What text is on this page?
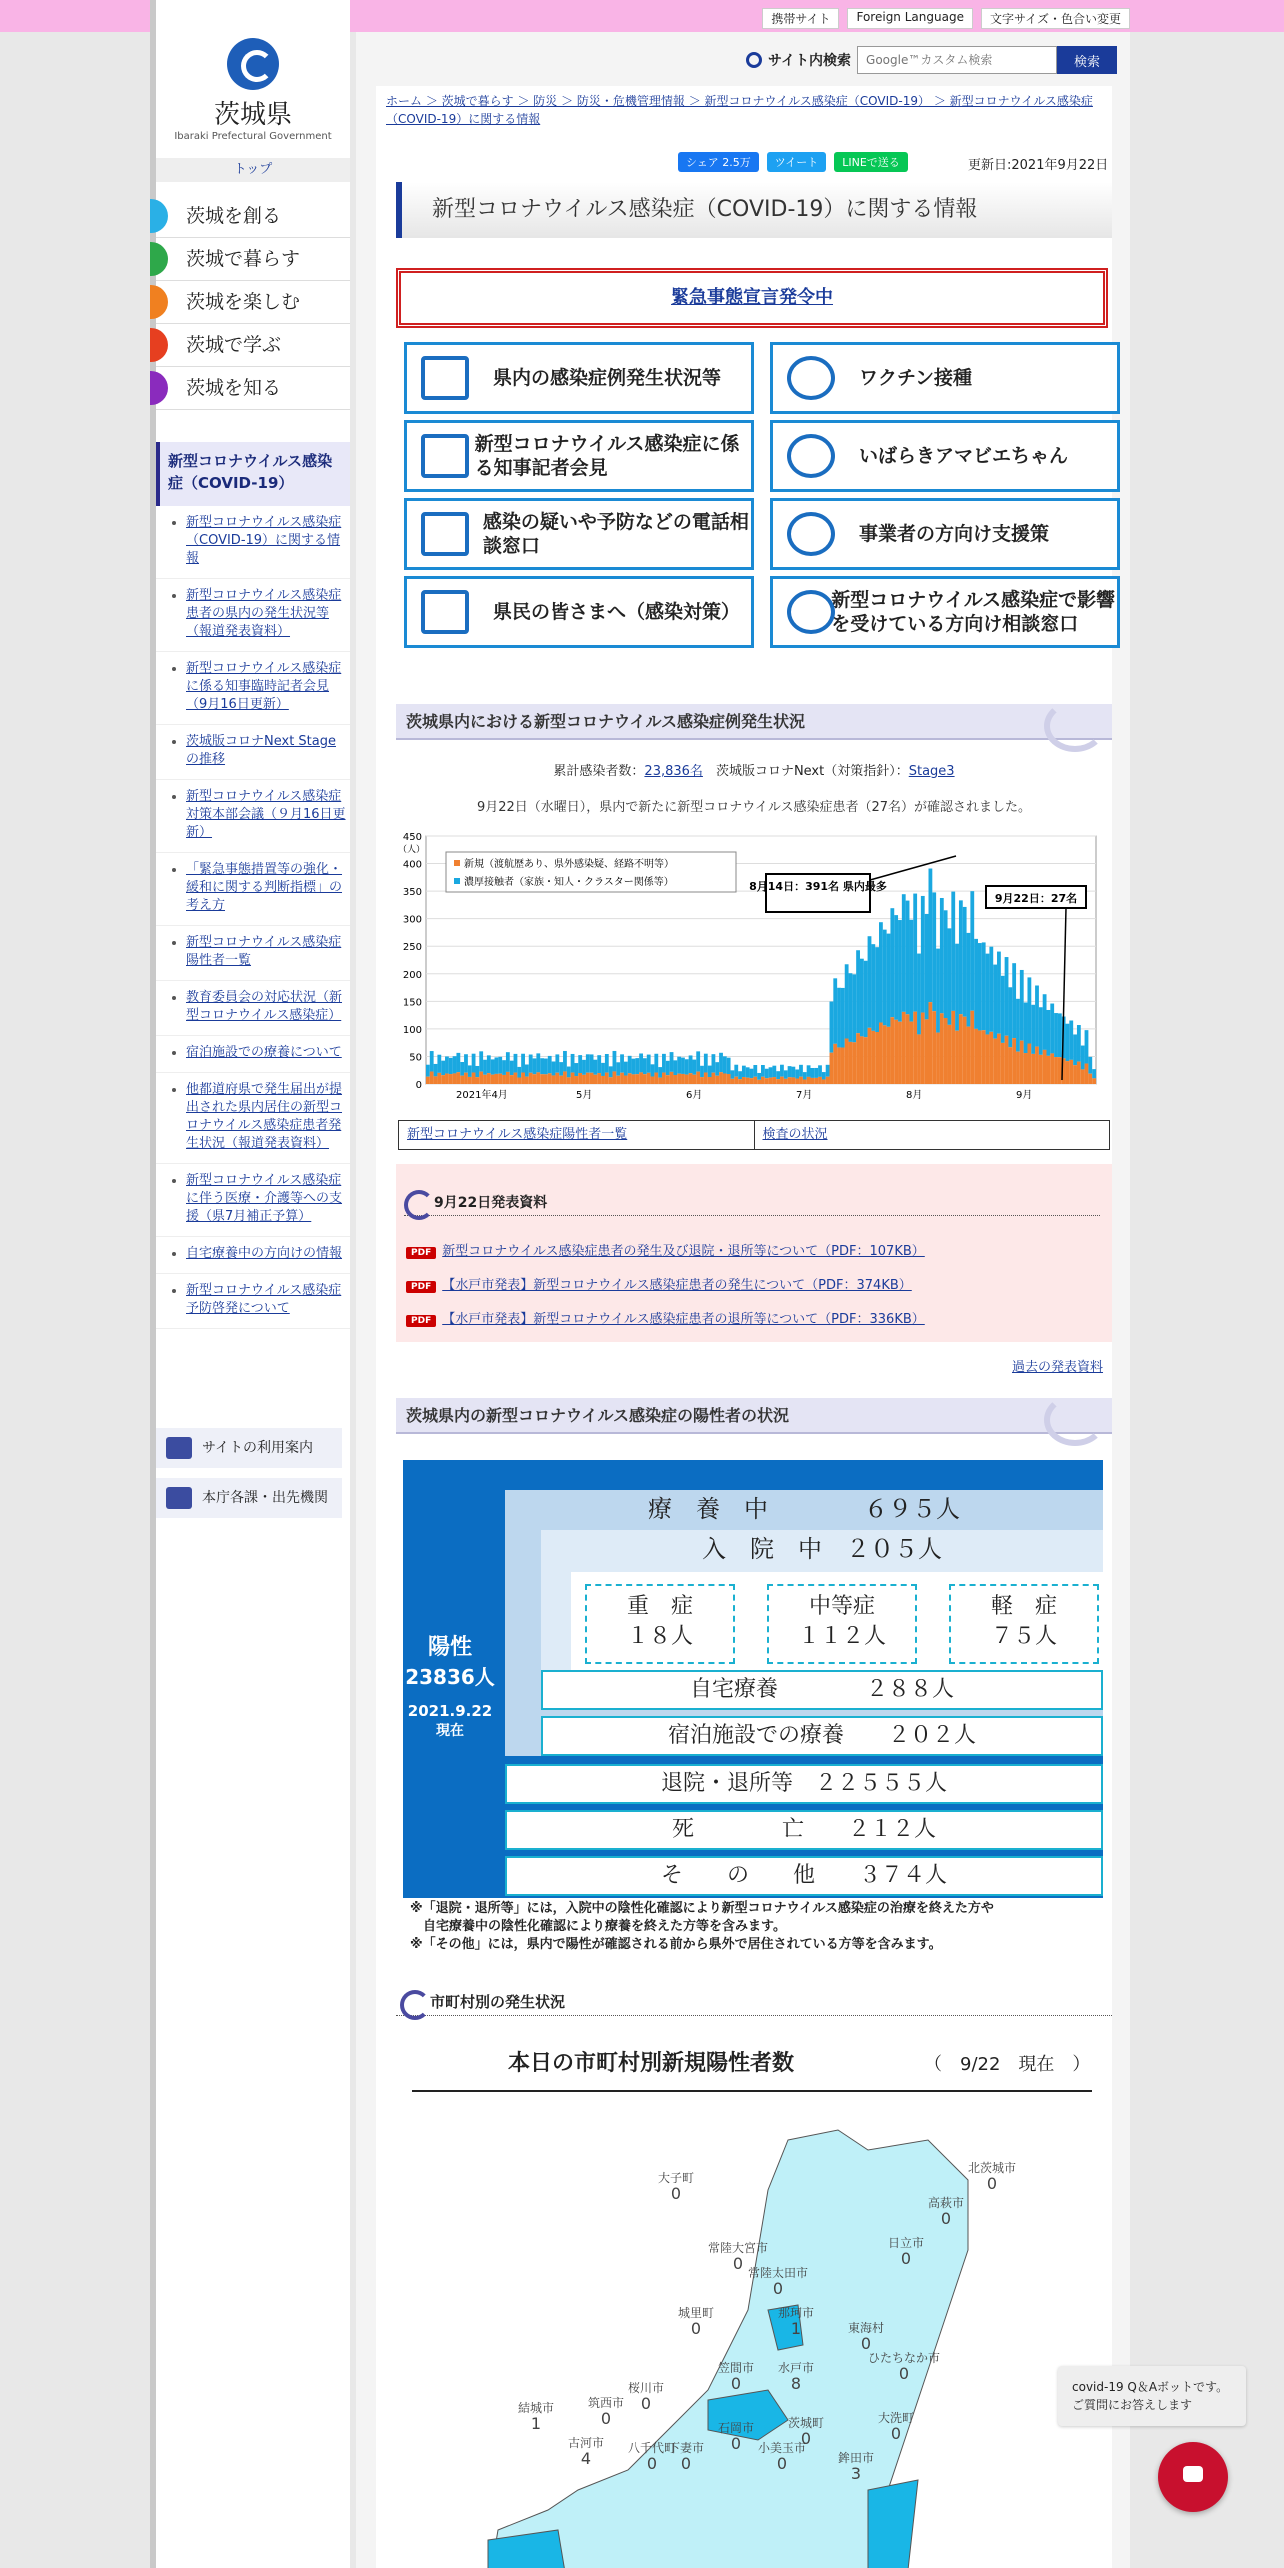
携帯サイト	Foreign Language	文字サイズ・色合い変更
茨城県
Ibaraki Prefectural Government
トップ
茨城を創る
茨城で暮らす
茨城を楽しむ
茨城で学ぶ
茨城を知る
新型コロナウイルス感染症（COVID-19）
新型コロナウイルス感染症（COVID-19）に関する情報
新型コロナウイルス感染症患者の県内の発生状況等（報道発表資料）
新型コロナウイルス感染症に係る知事臨時記者会見（9月16日更新）
茨城版コロナNext Stageの推移
新型コロナウイルス感染症対策本部会議（９月16日更新）
「緊急事態措置等の強化・緩和に関する判断指標」の考え方
新型コロナウイルス感染症陽性者一覧
教育委員会の対応状況（新型コロナウイルス感染症）
宿泊施設での療養について
他都道府県で発生届出が提出された県内居住の新型コロナウイルス感染症患者発生状況（報道発表資料）
新型コロナウイルス感染症に伴う医療・介護等への支援（県7月補正予算）
自宅療養中の方向けの情報
新型コロナウイルス感染症予防啓発について
サイトの利用案内
本庁各課・出先機関
サイト内検索
Google™カスタム検索	検索
ホーム ＞ 茨城で暮らす ＞ 防災 ＞ 防災・危機管理情報 ＞ 新型コロナウイルス感染症（COVID-19） ＞ 新型コロナウイルス感染症（COVID-19）に関する情報
シェア 2.5万	ツイート	LINEで送る	更新日:2021年9月22日
新型コロナウイルス感染症（COVID-19）に関する情報
緊急事態宣言発令中
茨城県内における新型コロナウイルス感染症例発生状況
累計感染者数：23,836名　 茨城版コロナNext（対策指針）：Stage3
9月22日（水曜日），県内で新たに新型コロナウイルス感染症患者（27名）が確認されました。
0
50
100
150
200
250
300
350
400
450
（人）
2021年4月	5月	6月	7月	8月	9月
新規（渡航歴あり、県外感染疑、経路不明等）
濃厚接触者（家族・知人・クラスター関係等）	8月14日：391名 県内最多
9月22日：27名
新型コロナウイルス感染症陽性者一覧	検査の状況
9月22日発表資料
PDF 新型コロナウイルス感染症患者の発生及び退院・退所等について（PDF：107KB）
PDF 【水戸市発表】新型コロナウイルス感染症患者の発生について（PDF：374KB）
PDF 【水戸市発表】新型コロナウイルス感染症患者の退所等について（PDF：336KB）
過去の発表資料
茨城県内の新型コロナウイルス感染症の陽性者の状況
陽性
23836人
2021.9.22
現在
療　養　中　　　　６９５人
入　院　中　２０５人
重　症
１８人
中等症
１１２人
軽　症
７５人
自宅療養　　　　２８８人
宿泊施設での療養　　２０２人
退院・退所等　２２５５５人
死　　　　亡　　２１２人
そ　　の　　他　　３７４人
※「退院・退所等」には，入院中の陰性化確認により新型コロナウイルス感染症の治療を終えた方や
　自宅療養中の陰性化確認により療養を終えた方等を含みます。
※「その他」には，県内で陽性が確認される前から県外で居住されている方等を含みます。
市町村別の発生状況
本日の市町村別新規陽性者数	（　9/22　現在　）
北茨城市
0
大子町
0	高萩市
0
常陸大宮市
0
日立市
0
常陸太田市
0
城里町
0
那珂市
1	東海村
0
ひたちなか市
0
笠間市
0
水戸市
8
桜川市
0
筑西市
0
結城市
1	大洗町
0
茨城町
0
石岡市
0	小美玉市
0	鉾田市
3
古河市
4
八千代町
0
下妻市
0
covid-19 Q＆Aボットです。
ご質問にお答えします
県内の感染症例発生状況等	ワクチン接種
新型コロナウイルス感染症に係る知事記者会見
いばらきアマビエちゃん
感染の疑いや予防などの電話相談窓口
事業者の方向け支援策
県民の皆さまへ（感染対策）
新型コロナウイルス感染症で影響を受けている方向け相談窓口
